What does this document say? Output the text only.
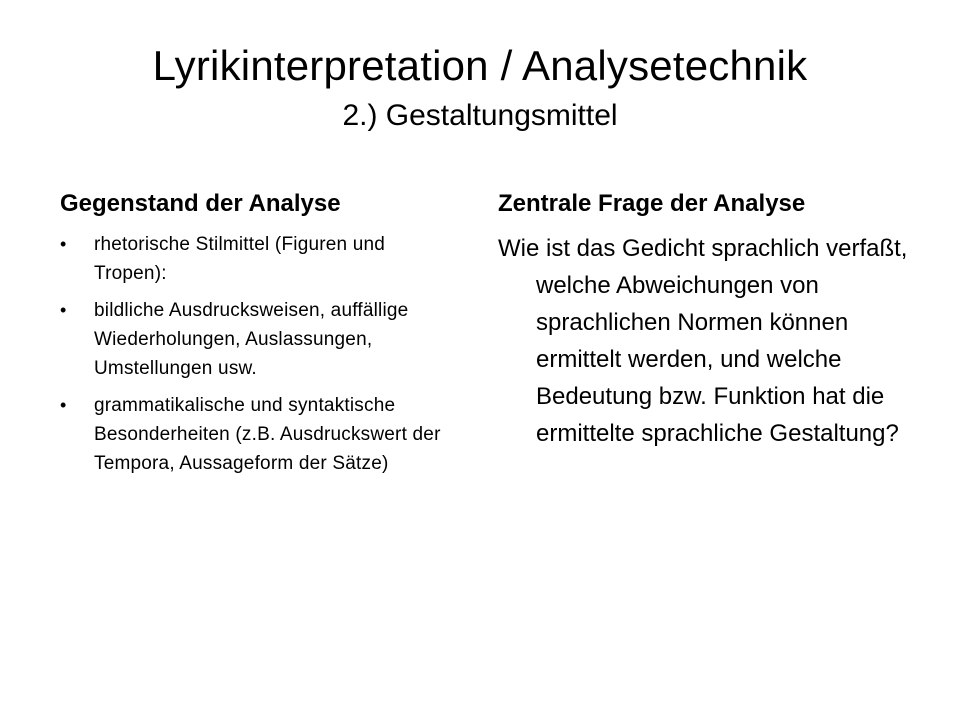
Lyrikinterpretation / Analysetechnik
2.) Gestaltungsmittel
Gegenstand der Analyse
•	rhetorische Stilmittel (Figuren und Tropen):
•	bildliche Ausdrucksweisen, auffällige Wiederholungen, Auslassungen, Umstellungen usw.
•	grammatikalische und syntaktische Besonderheiten (z.B. Ausdruckswert der Tempora, Aussageform der Sätze)
Zentrale Frage der Analyse
Wie ist das Gedicht sprachlich verfaßt, welche Abweichungen von sprachlichen Normen können ermittelt werden, und welche Bedeutung bzw. Funktion hat die ermittelte sprachliche Gestaltung?
